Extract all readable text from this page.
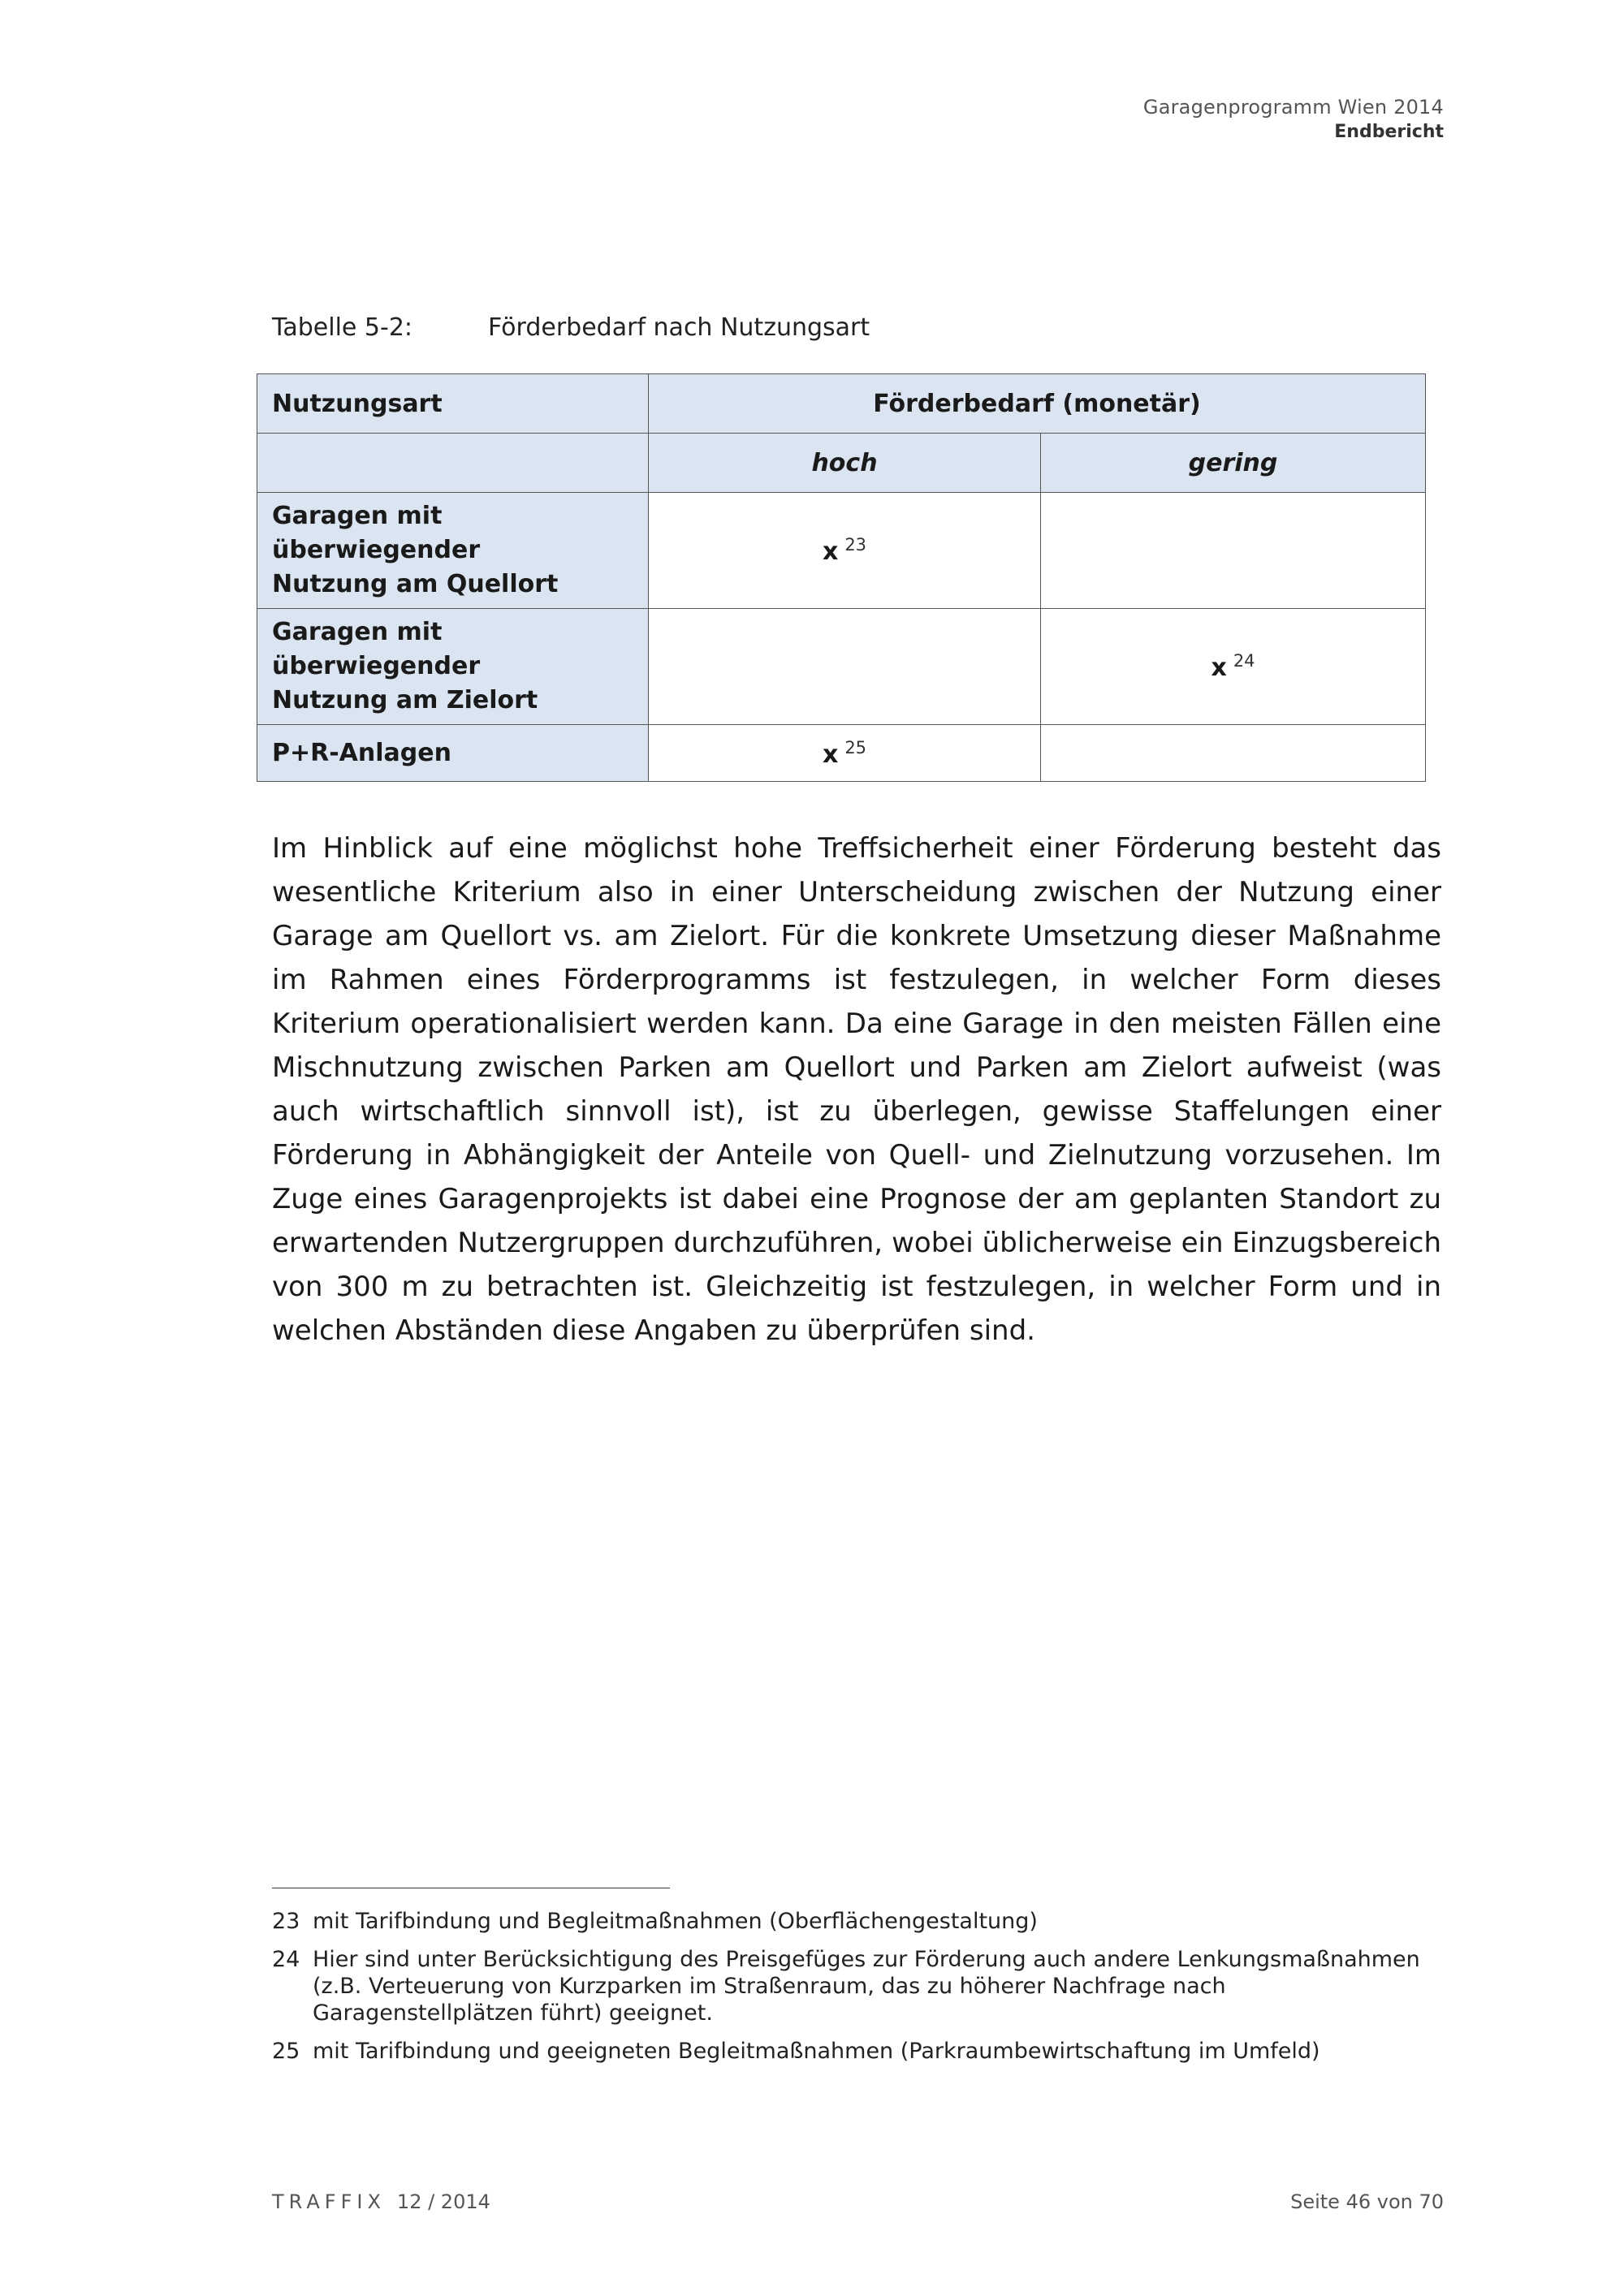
Garagenprogramm Wien 2014
Endbericht
Tabelle 5-2:	Förderbedarf nach Nutzungsart
Nutzungsart	Förderbedarf (monetär)	
	hoch	gering
Garagen mit überwiegender
Nutzung am Quellort	x $^{23}$	
Garagen mit überwiegender
Nutzung am Zielort		x $^{24}$
P+R-Anlagen	x $^{25}$	
Im Hinblick auf eine möglichst hohe Treffsicherheit einer Förderung besteht das wesentliche Kriterium also in einer Unterscheidung zwischen der Nutzung einer Garage am Quellort vs. am Zielort. Für die konkrete Umsetzung dieser Maßnahme im Rahmen eines Förderprogramms ist festzulegen, in welcher Form dieses Kriterium operationalisiert werden kann. Da eine Garage in den meisten Fällen eine Mischnutzung zwischen Parken am Quellort und Parken am Zielort aufweist (was auch wirtschaftlich sinnvoll ist), ist zu überlegen, gewisse Staffelungen einer Förderung in Abhängigkeit der Anteile von Quell- und Zielnutzung vorzusehen. Im Zuge eines Garagenprojekts ist dabei eine Prognose der am geplanten Standort zu erwartenden Nutzergruppen durchzuführen, wobei üblicherweise ein Einzugsbereich von 300 m zu betrachten ist. Gleichzeitig ist festzulegen, in welcher Form und in welchen Abständen diese Angaben zu überprüfen sind.
23 mit Tarifbindung und Begleitmaßnahmen (Oberflächengestaltung)
24 Hier sind unter Berücksichtigung des Preisgefüges zur Förderung auch andere Lenkungsmaßnahmen (z.B. Verteuerung von Kurzparken im Straßenraum, das zu höherer Nachfrage nach Garagenstellplätzen führt) geeignet.
25 mit Tarifbindung und geeigneten Begleitmaßnahmen (Parkraumbewirtschaftung im Umfeld)
TRAFFIX 12 / 2014	Seite 46 von 70
